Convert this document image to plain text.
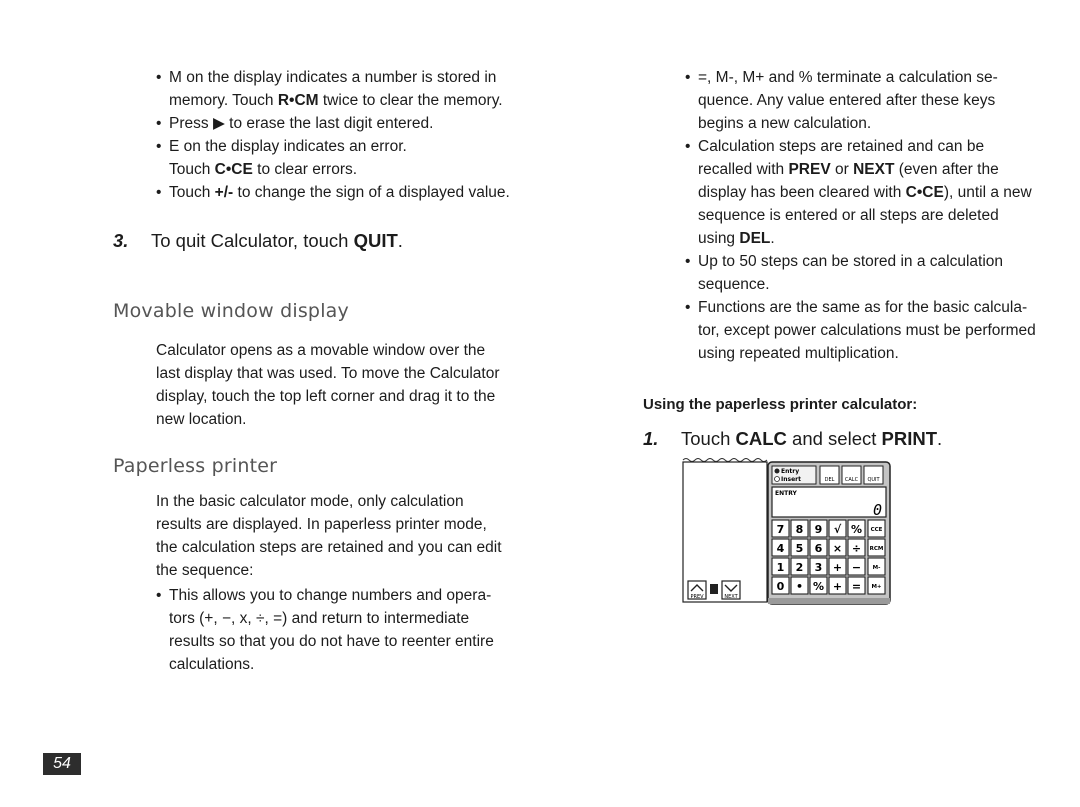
• M on the display indicates a number is stored in
memory. Touch R•CM twice to clear the memory.
• Press ▶ to erase the last digit entered.
• E on the display indicates an error.
Touch C•CE to clear errors.
• Touch +/- to change the sign of a displayed value.
3. To quit Calculator, touch QUIT.
Movable window display
Calculator opens as a movable window over the
last display that was used. To move the Calculator
display, touch the top left corner and drag it to the
new location.
Paperless printer
In the basic calculator mode, only calculation
results are displayed. In paperless printer mode,
the calculation steps are retained and you can edit
the sequence:
• This allows you to change numbers and opera-
tors (+, −, x, ÷, =) and return to intermediate
results so that you do not have to reenter entire
calculations.
• =, M-, M+ and % terminate a calculation se-
quence. Any value entered after these keys
begins a new calculation.
• Calculation steps are retained and can be
recalled with PREV or NEXT (even after the
display has been cleared with C•CE), until a new
sequence is entered or all steps are deleted
using DEL.
• Up to 50 steps can be stored in a calculation
sequence.
• Functions are the same as for the basic calcula-
tor, except power calculations must be performed
using repeated multiplication.
Using the paperless printer calculator:
1. Touch CALC and select PRINT.
PREV	NEXT
Entry
Insert	DEL CALC QUIT
ENTRY
0
7 8 9 √ % CCE
4 5 6 × ÷ RCM
1 2 3 + − M-
0 • % + = M+
54
